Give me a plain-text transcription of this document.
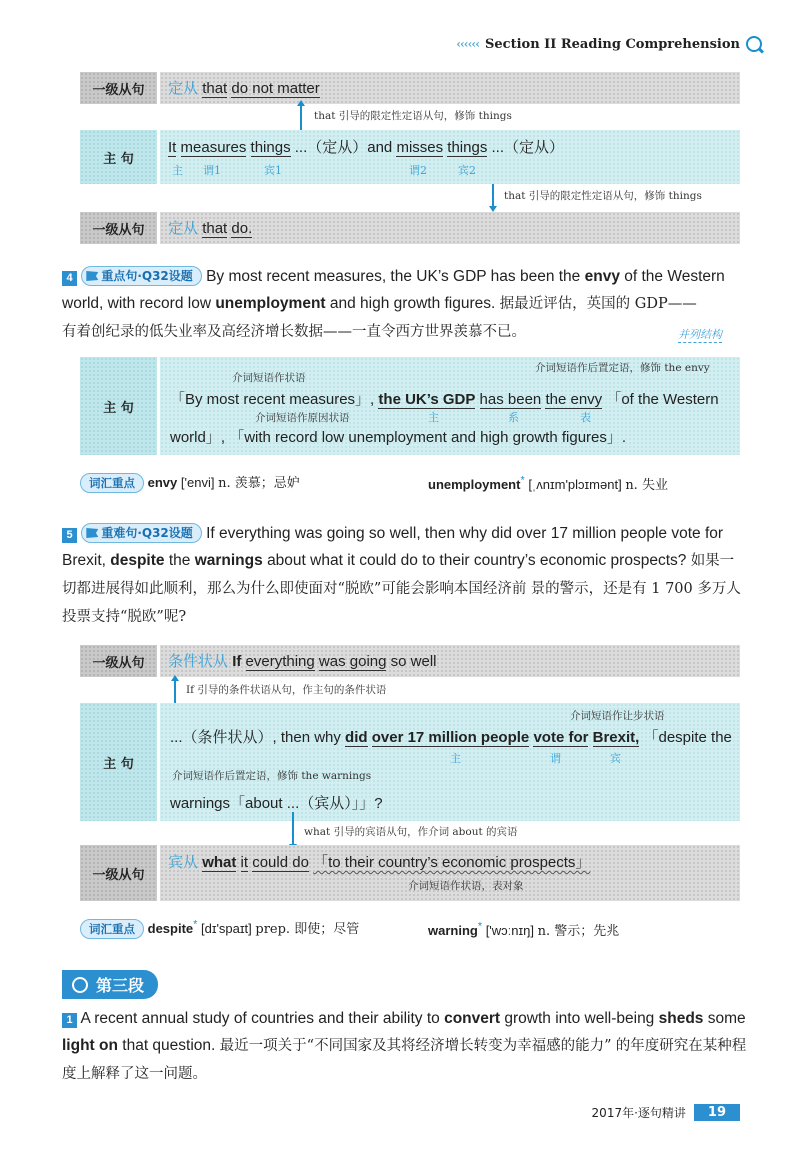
‹‹‹‹‹‹ Section II Reading Comprehension
一级从句	定从 that do not matter
that 引导的限定性定语从句，修饰 things
主 句
It measures things ...（定从）and misses things ...（定从）
主 谓1	宾1	谓2	宾2
that 引导的限定性定语从句，修饰 things
一级从句	定从 that do.
4 重点句·Q32设题 By most recent measures, the UK’s GDP has been the envy of the Western world, with record low unemployment and high growth figures. 据最近评估，英国的 GDP——
有着创纪录的低失业率及高经济增长数据——一直令西方世界羡慕不已。	并列结构
主 句
介词短语作状语
介词短语作后置定语，修饰 the envy
「By most recent measures」, the UK’s GDP has been the envy 「of the Western
主	系	表
介词短语作原因状语
world」, 「with record low unemployment and high growth figures」.
词汇重点 envy ['envi] n. 羡慕；忌妒	unemployment* [ˌʌnɪm'plɔɪmənt] n. 失业
5 重难句·Q32设题 If everything was going so well, then why did over 17 million people vote for Brexit, despite the warnings about what it could do to their country’s economic prospects? 如果一切都进展得如此顺利，那么为什么即使面对“脱欧”可能会影响本国经济前 景的警示，还是有 1 700 多万人投票支持“脱欧”呢?
一级从句	条件状从 If everything was going so well
If 引导的条件状语从句，作主句的条件状语
主 句
介词短语作让步状语
...（条件状从）, then why did over 17 million people vote for Brexit, 「despite the
主	谓	宾
介词短语作后置定语，修饰 the warnings
warnings「about ...（宾从）」」?
what 引导的宾语从句，作介词 about 的宾语
一级从句
宾从 what it could do 「to their country’s economic prospects」
介词短语作状语，表对象
词汇重点 despite* [dɪ'spaɪt] prep. 即使；尽管	warning* ['wɔːnɪŋ] n. 警示；先兆
第三段
1 A recent annual study of countries and their ability to convert growth into well-being sheds some light on that question. 最近一项关于“不同国家及其将经济增长转变为幸福感的能力” 的年度研究在某种程度上解释了这一问题。
2017年·逐句精讲	19
